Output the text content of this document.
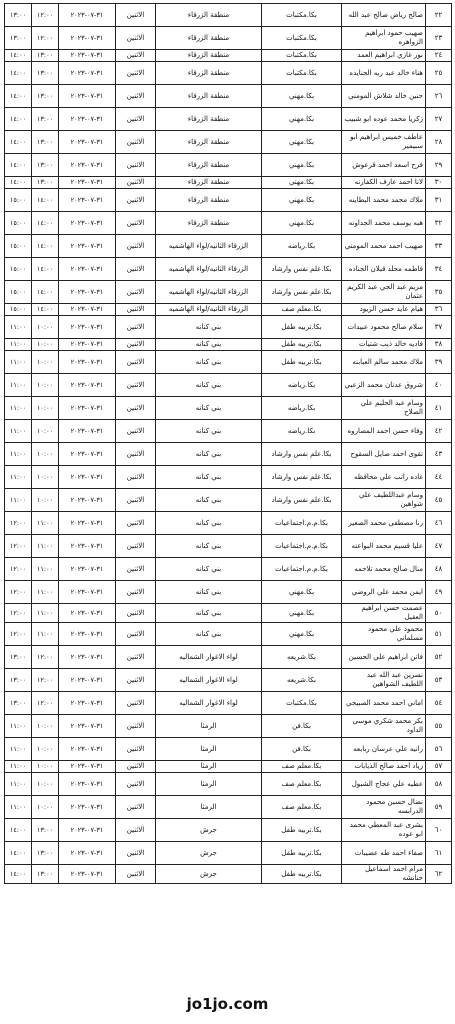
٢٢	صالح رياض صالح عبد الله	بكا.مكتبات	منطقة الزرقاء	الاثنين	٣١-٠٧-٢٠٢٣	١٢:٠٠	١٣:٠٠
٢٣	صهيب حمود ابراهيم الزواهره	بكا.مكتبات	منطقة الزرقاء	الاثنين	٣١-٠٧-٢٠٢٣	١٢:٠٠	١٣:٠٠
٢٤	نور غازي ابراهيم العمد	بكا.مكتبات	منطقة الزرقاء	الاثنين	٣١-٠٧-٢٠٢٣	١٣:٠٠	١٤:٠٠
٢٥	هناء خالد عبد ربه الجنايده	بكا.مكتبات	منطقة الزرقاء	الاثنين	٣١-٠٧-٢٠٢٣	١٣:٠٠	١٤:٠٠
٢٦	حنين خالد شلاش المومني	بكا.مهني	منطقة الزرقاء	الاثنين	٣١-٠٧-٢٠٢٣	١٣:٠٠	١٤:٠٠
٢٧	زكريا محمد عوده ابو شبيب	بكا.مهني	منطقة الزرقاء	الاثنين	٣١-٠٧-٢٠٢٣	١٣:٠٠	١٤:٠٠
٢٨	عاطف خميس ابراهيم ابو سبيمير	بكا.مهني	منطقة الزرقاء	الاثنين	٣١-٠٧-٢٠٢٣	١٣:٠٠	١٤:٠٠
٢٩	فرح اسعد احمد قرعوش	بكا.مهني	منطقة الزرقاء	الاثنين	٣١-٠٧-٢٠٢٣	١٣:٠٠	١٤:٠٠
٣٠	لانا احمد عارف الكفارنه	بكا.مهني	منطقة الزرقاء	الاثنين	٣١-٠٧-٢٠٢٣	١٣:٠٠	١٤:٠٠
٣١	ملاك محمد محمد البطاينه	بكا.مهني	منطقة الزرقاء	الاثنين	٣١-٠٧-٢٠٢٣	١٤:٠٠	١٥:٠٠
٣٢	هبه يوسف محمد الجداونه	بكا.مهني	منطقة الزرقاء	الاثنين	٣١-٠٧-٢٠٢٣	١٤:٠٠	١٥:٠٠
٣٣	صهيب احمد محمد المومني	بكا.رياضه	الزرقاء الثانيه/لواء الهاشميه	الاثنين	٣١-٠٧-٢٠٢٣	١٤:٠٠	١٥:٠٠
٣٤	فاطمه محلد قبلان الجناده	بكا.علم نفس وارشاد	الزرقاء الثانيه/لواء الهاشميه	الاثنين	٣١-٠٧-٢٠٢٣	١٤:٠٠	١٥:٠٠
٣٥	مريم عبد الحي عبد الكريم عثمان	بكا.علم نفس وارشاد	الزرقاء الثانيه/لواء الهاشميه	الاثنين	٣١-٠٧-٢٠٢٣	١٤:٠٠	١٥:٠٠
٣٦	هيام عايد حسن الزيود	بكا.معلم صف	الزرقاء الثانيه/لواء الهاشميه	الاثنين	٣١-٠٧-٢٠٢٣	١٤:٠٠	١٥:٠٠
٣٧	سلام صالح محمود عبيدات	بكا.تربيه طفل	بني كنانه	الاثنين	٣١-٠٧-٢٠٢٣	١٠:٠٠	١١:٠٠
٣٨	فاديه خالد ذيب شتيات	بكا.تربيه طفل	بني كنانه	الاثنين	٣١-٠٧-٢٠٢٣	١٠:٠٠	١١:٠٠
٣٩	ملاك محمد سالم العبابنه	بكا.تربيه طفل	بني كنانه	الاثنين	٣١-٠٧-٢٠٢٣	١٠:٠٠	١١:٠٠
٤٠	شروق عدنان محمد الزعبي	بكا.رياضه	بني كنانه	الاثنين	٣١-٠٧-٢٠٢٣	١٠:٠٠	١١:٠٠
٤١	وسام عبد الحليم علي الصلاح	بكا.رياضه	بني كنانه	الاثنين	٣١-٠٧-٢٠٢٣	١٠:٠٠	١١:٠٠
٤٢	وفاء حسن احمد المصاروه	بكا.رياضه	بني كنانه	الاثنين	٣١-٠٧-٢٠٢٣	١٠:٠٠	١١:٠٠
٤٣	تقوى احمد صايل السقوح	بكا.علم نفس وارشاد	بني كنانه	الاثنين	٣١-٠٧-٢٠٢٣	١٠:٠٠	١١:٠٠
٤٤	غاده راتب علي محافظه	بكا.علم نفس وارشاد	بني كنانه	الاثنين	٣١-٠٧-٢٠٢٣	١٠:٠٠	١١:٠٠
٤٥	وسام عبداللطيف علي شواهين	بكا.علم نفس وارشاد	بني كنانه	الاثنين	٣١-٠٧-٢٠٢٣	١٠:٠٠	١١:٠٠
٤٦	رنا مصطفى محمد الصغير	بكا.م.م.اجتماعيات	بني كنانه	الاثنين	٣١-٠٧-٢٠٢٣	١١:٠٠	١٢:٠٠
٤٧	عليا قسيم محمد البواعنه	بكا.م.م.اجتماعيات	بني كنانه	الاثنين	٣١-٠٧-٢٠٢٣	١١:٠٠	١٢:٠٠
٤٨	منال صالح محمد تلاحمه	بكا.م.م.اجتماعيات	بني كنانه	الاثنين	٣١-٠٧-٢٠٢٣	١١:٠٠	١٢:٠٠
٤٩	ايمن محمد علي الروضي	بكا.مهني	بني كنانه	الاثنين	٣١-٠٧-٢٠٢٣	١١:٠٠	١٢:٠٠
٥٠	عصمت حسن ابراهيم العقيل	بكا.مهني	بني كنانه	الاثنين	٣١-٠٧-٢٠٢٣	١١:٠٠	١٢:٠٠
٥١	محمود علي محمود مسلماني	بكا.مهني	بني كنانه	الاثنين	٣١-٠٧-٢٠٢٣	١١:٠٠	١٢:٠٠
٥٢	فاتن ابراهيم علي الحسين	بكا.شريعه	لواء الاغوار الشماليه	الاثنين	٣١-٠٧-٢٠٢٣	١٢:٠٠	١٣:٠٠
٥٣	نسرين عبد الله عبد اللطيف الشواهين	بكا.شريعه	لواء الاغوار الشماليه	الاثنين	٣١-٠٧-٢٠٢٣	١٢:٠٠	١٣:٠٠
٥٤	اماني احمد محمد الصبيحي	بكا.مكتبات	لواء الاغوار الشماليه	الاثنين	٣١-٠٧-٢٠٢٣	١٢:٠٠	١٣:٠٠
٥٥	بكر محمد شكري موسى الداود	بكا.فن	الرمثا	الاثنين	٣١-٠٧-٢٠٢٣	١٠:٠٠	١١:٠٠
٥٦	رانيه علي عرسان ربابعه	بكا.فن	الرمثا	الاثنين	٣١-٠٧-٢٠٢٣	١٠:٠٠	١١:٠٠
٥٧	زياد احمد صالح الذيابات	بكا.معلم صف	الرمثا	الاثنين	٣١-٠٧-٢٠٢٣	١٠:٠٠	١١:٠٠
٥٨	عطيه علي عجاج الشبول	بكا.معلم صف	الرمثا	الاثنين	٣١-٠٧-٢٠٢٣	١٠:٠٠	١١:٠٠
٥٩	نضال حسين محمود الدرابسه	بكا.معلم صف	الرمثا	الاثنين	٣١-٠٧-٢٠٢٣	١٠:٠٠	١١:٠٠
٦٠	بشرى عبد المعطي محمد ابو عوده	بكا.تربيه طفل	جرش	الاثنين	٣١-٠٧-٢٠٢٣	١٣:٠٠	١٤:٠٠
٦١	صفاء احمد طه عضيبات	بكا.تربيه طفل	جرش	الاثنين	٣١-٠٧-٢٠٢٣	١٣:٠٠	١٤:٠٠
٦٢	مرام احمد اسماعيل حنانشه	بكا.تربيه طفل	جرش	الاثنين	٣١-٠٧-٢٠٢٣	١٣:٠٠	١٤:٠٠
jo1jo.com
